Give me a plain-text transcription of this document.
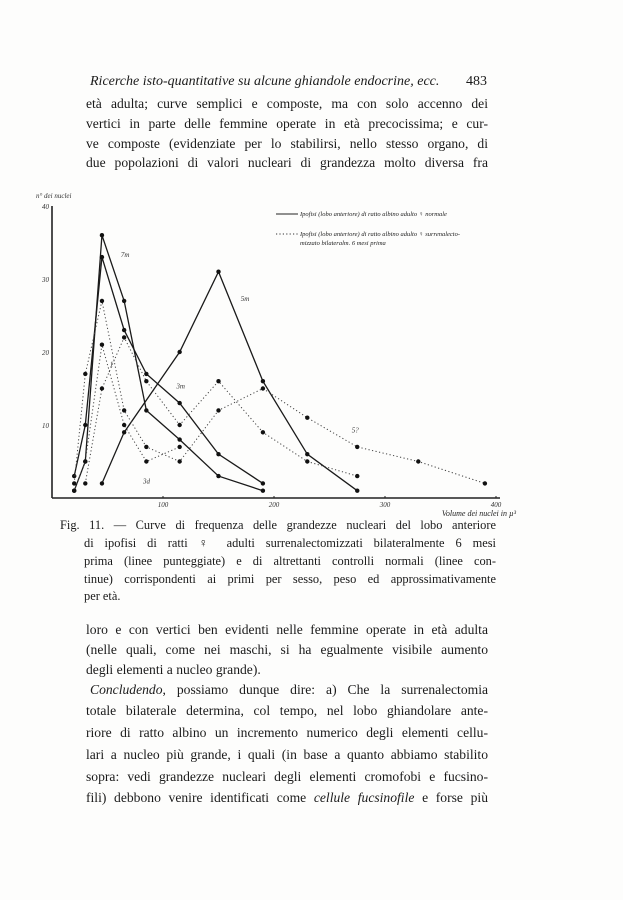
Ricerche isto-quantitative su alcune ghiandole endocrine, ecc. 483
età adulta; curve semplici e composte, ma con solo accenno dei
vertici in parte delle femmine operate in età precocissima; e cur-
ve composte (evidenziate per lo stabilirsi, nello stesso organo, di
due popolazioni di valori nucleari di grandezza molto diversa fra
100	200	300	400
10
20
30
40
7m
3m
5m
3d
1
5?
Ipofisi (lobo anteriore) di ratto albino adulto ♀ normale
Ipofisi (lobo anteriore) di ratto albino adulto ♀ surrenalecto-
mizzato bilateralm. 6 mesi prima
n° dei nuclei
Volume dei nuclei in µ³
Fig. 11. — Curve di frequenza delle grandezze nucleari del lobo anteriore
di ipofisi di ratti ♀ adulti surrenalectomizzati bilateralmente 6 mesi
prima (linee punteggiate) e di altrettanti controlli normali (linee con-
tinue) corrispondenti ai primi per sesso, peso ed approssimativamente
per età.
loro e con vertici ben evidenti nelle femmine operate in età adulta
(nelle quali, come nei maschi, si ha egualmente visibile aumento
degli elementi a nucleo grande).
Concludendo, possiamo dunque dire: a) Che la surrenalectomia
totale bilaterale determina, col tempo, nel lobo ghiandolare ante-
riore di ratto albino un incremento numerico degli elementi cellu-
lari a nucleo più grande, i quali (in base a quanto abbiamo stabilito
sopra: vedi grandezze nucleari degli elementi cromofobi e fucsino-
fili) debbono venire identificati come cellule fucsinofile e forse più
